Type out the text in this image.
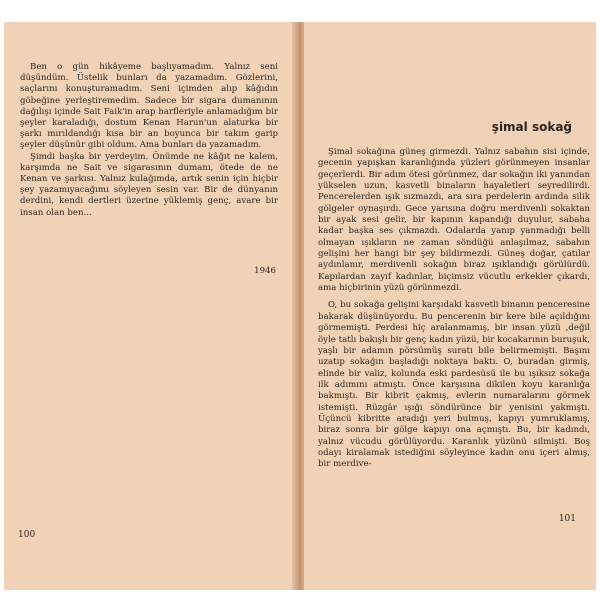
Ben o gün hikâyeme başlıyamadım. Yalnız seni düşündüm. Üstelik bunları da yazamadım. Gözlerini, saçlarını konuşturamadım. Seni içimden alıp kâğıdın göbeğine yerleştiremedim. Sadece bir sigara dumanının dağılışı içinde Sait Faik'in arap harfleriyle anlamadığım bir şeyler karaladığı, dostum Kenan Harun'un alaturka bir şarkı mırıldandığı kısa bir an boyunca bir takım garip şeyler düşünür gibi oldum. Ama bunları da yazamadım.

Şimdi başka bir yerdeyim. Önümde ne kâğıt ne kalem, karşımda ne Sait ve sigarasının dumanı, ötede de ne Kenan ve şarkısı. Yalnız kulağımda, artık senin için hiçbir şey yazamıyacağımı söyleyen sesin var. Bir de dünyanın derdini, kendi dertleri üzerine yüklemiş genç, avare bir insan olan ben...

1946
100
şimal sokağ

Şimal sokağına güneş girmezdi. Yalnız sabahın sisi içinde, gecenin yapışkan karanlığında yüzleri görünmeyen insanlar geçerlerdi. Bir adım ötesi görünmez, dar sokağın iki yanından yükselen uzun, kasvetli binaların hayaletleri seyredilirdi. Pencerelerden ışık sızmazdı, ara sıra perdelerin ardında silik gölgeler oynaşırdı. Gece yarısına doğru merdivenli sokaktan bir ayak sesi gelir, bir kapının kapandığı duyulur, sabaha kadar başka ses çıkmazdı. Odalarda yanıp yanmadığı belli olmayan ışıkların ne zaman söndüğü anlaşılmaz, sabahın gelişini her hangi bir şey bildirmezdi. Güneş doğar, çatılar aydınlanır, merdivenli sokağın biraz ışıklandığı görülürdü. Kapılardan zayıf kadınlar, biçimsiz vücutlu erkekler çıkardı, ama hiçbirinin yüzü görünmezdi.

O, bu sokağa gelişini karşıdaki kasvetli binanın penceresine bakarak düşünüyordu. Bu pencerenin bir kere bile açıldığını görmemişti. Perdesi hiç aralanmamış, bir insan yüzü ,değil öyle tatlı bakışlı bir genç kadın yüzü, bir kocakarının buruşuk, yaşlı bir adamın pörsümüş suratı bile belirmemişti. Başını uzatıp sokağın başladığı noktaya baktı. O, buradan girmiş, elinde bir valiz, kolunda eski pardesüsü ile bu ışıksız sokağa ilk adımını atmıştı. Önce karşısına dikilen koyu karanlığa bakmıştı. Bir kibrit çakmış, evlerin numaralarını görmek istemişti. Rüzgâr ışığı söndürünce bir yenisini yakmıştı. Üçüncü kibritte aradığı yeri bulmuş, kapıyı yumruklamış, biraz sonra bir gölge kapıyı ona açmıştı. Bu, bir kadındı, yalnız vücudu görülüyordu. Karanlık yüzünü silmişti. Boş odayı kiralamak istediğini söyleyince kadın onu içeri almış, bir merdive-

101
